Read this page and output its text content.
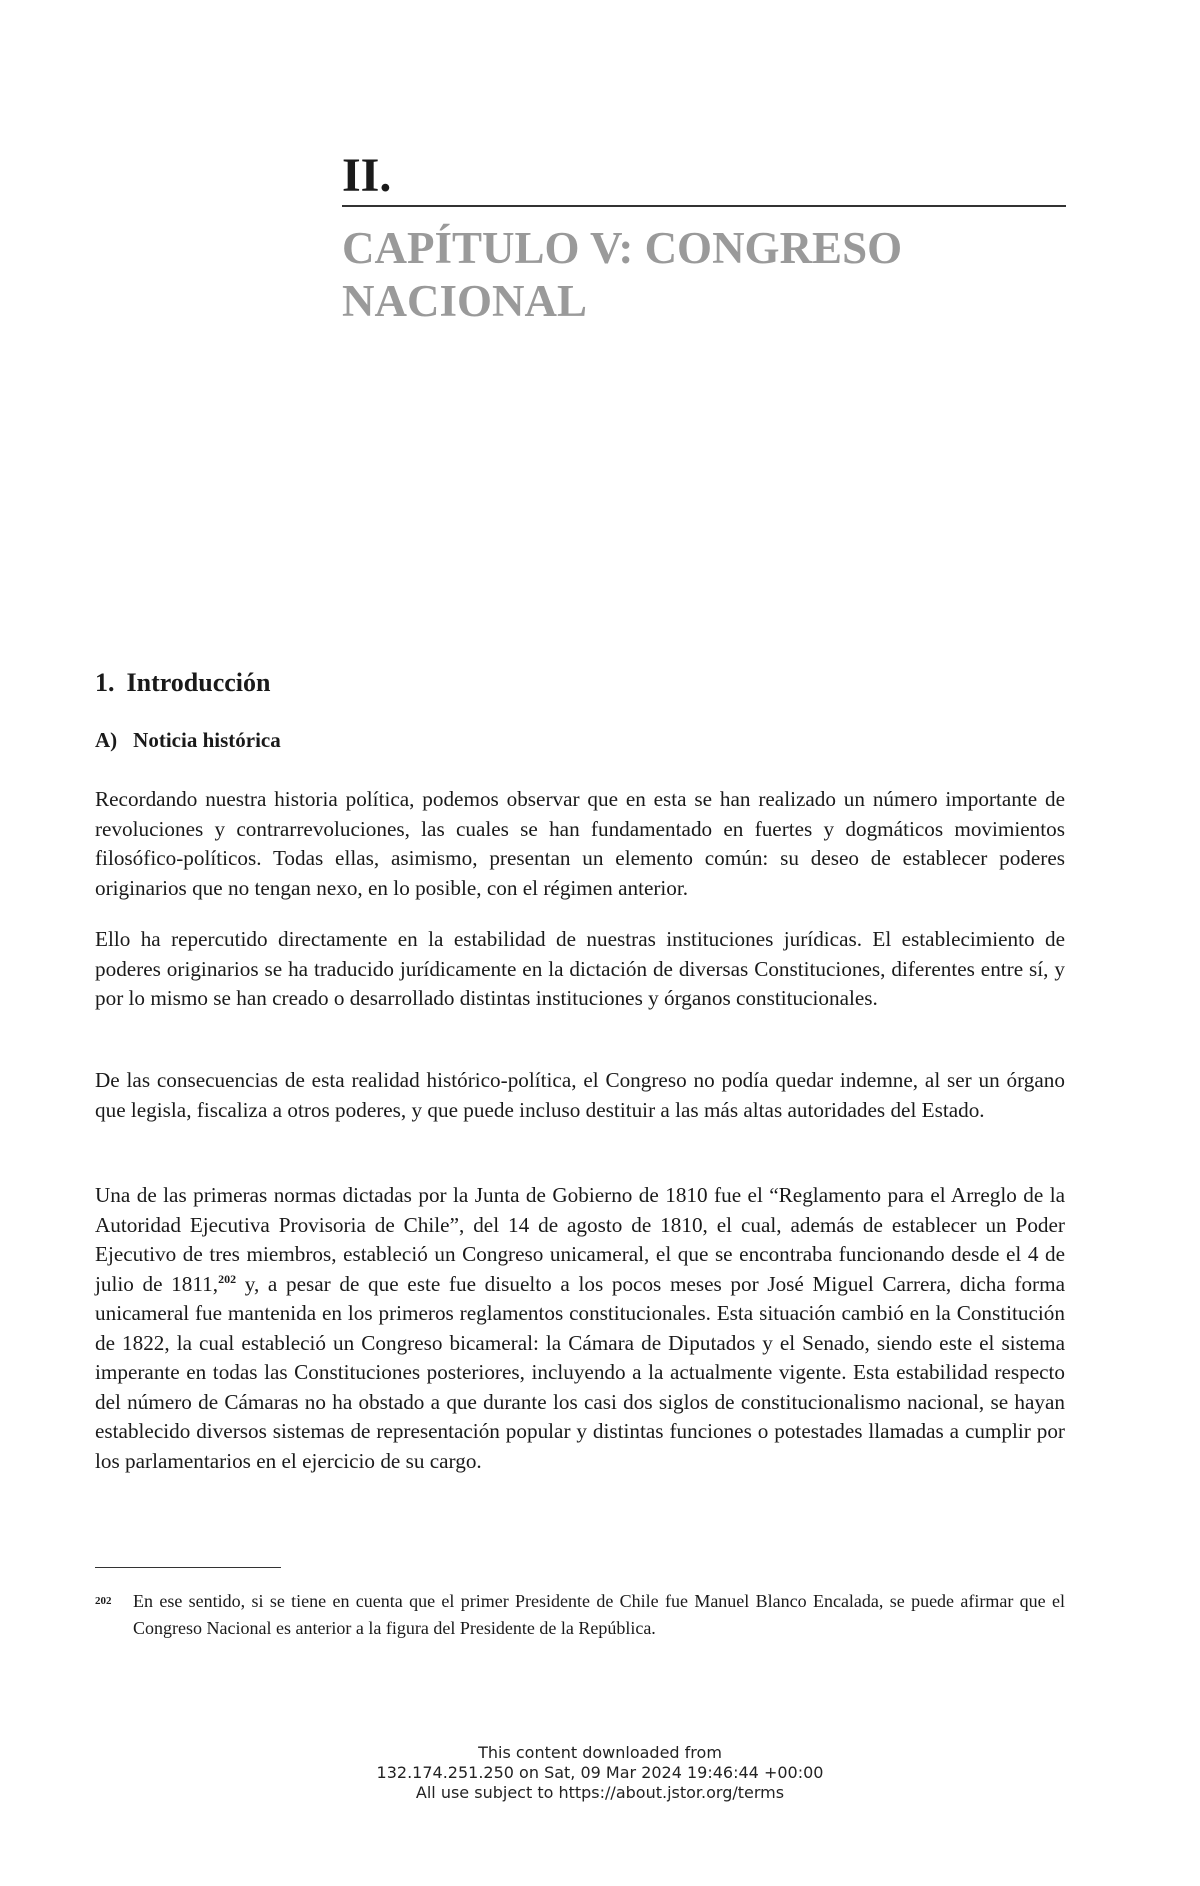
II.
CAPÍTULO V: CONGRESO NACIONAL
1. Introducción
A) Noticia histórica

Recordando nuestra historia política, podemos observar que en esta se han realizado un número importante de revoluciones y contrarrevoluciones, las cuales se han fundamentado en fuertes y dogmáticos movimientos filosófico-políticos. Todas ellas, asimismo, presentan un elemento común: su deseo de establecer poderes originarios que no tengan nexo, en lo posible, con el régimen anterior.

Ello ha repercutido directamente en la estabilidad de nuestras instituciones jurídicas. El establecimiento de poderes originarios se ha traducido jurídicamente en la dictación de diversas Constituciones, diferentes entre sí, y por lo mismo se han creado o desarrollado distintas instituciones y órganos constitucionales.

De las consecuencias de esta realidad histórico-política, el Congreso no podía quedar indemne, al ser un órgano que legisla, fiscaliza a otros poderes, y que puede incluso destituir a las más altas autoridades del Estado.

Una de las primeras normas dictadas por la Junta de Gobierno de 1810 fue el “Reglamento para el Arreglo de la Autoridad Ejecutiva Provisoria de Chile”, del 14 de agosto de 1810, el cual, además de establecer un Poder Ejecutivo de tres miembros, estableció un Congreso unicameral, el que se encontraba funcionando desde el 4 de julio de 1811,$^{202}$ y, a pesar de que este fue disuelto a los pocos meses por José Miguel Carrera, dicha forma unicameral fue mantenida en los primeros reglamentos constitucionales. Esta situación cambió en la Constitución de 1822, la cual estableció un Congreso bicameral: la Cámara de Diputados y el Senado, siendo este el sistema imperante en todas las Constituciones posteriores, incluyendo a la actualmente vigente. Esta estabilidad respecto del número de Cámaras no ha obstado a que durante los casi dos siglos de constitucionalismo nacional, se hayan establecido diversos sistemas de representación popular y distintas funciones o potestades llamadas a cumplir por los parlamentarios en el ejercicio de su cargo.

202	En ese sentido, si se tiene en cuenta que el primer Presidente de Chile fue Manuel Blanco Encalada, se puede afirmar que el Congreso Nacional es anterior a la figura del Presidente de la República.
This content downloaded from
132.174.251.250 on Sat, 09 Mar 2024 19:46:44 +00:00
All use subject to https://about.jstor.org/terms
